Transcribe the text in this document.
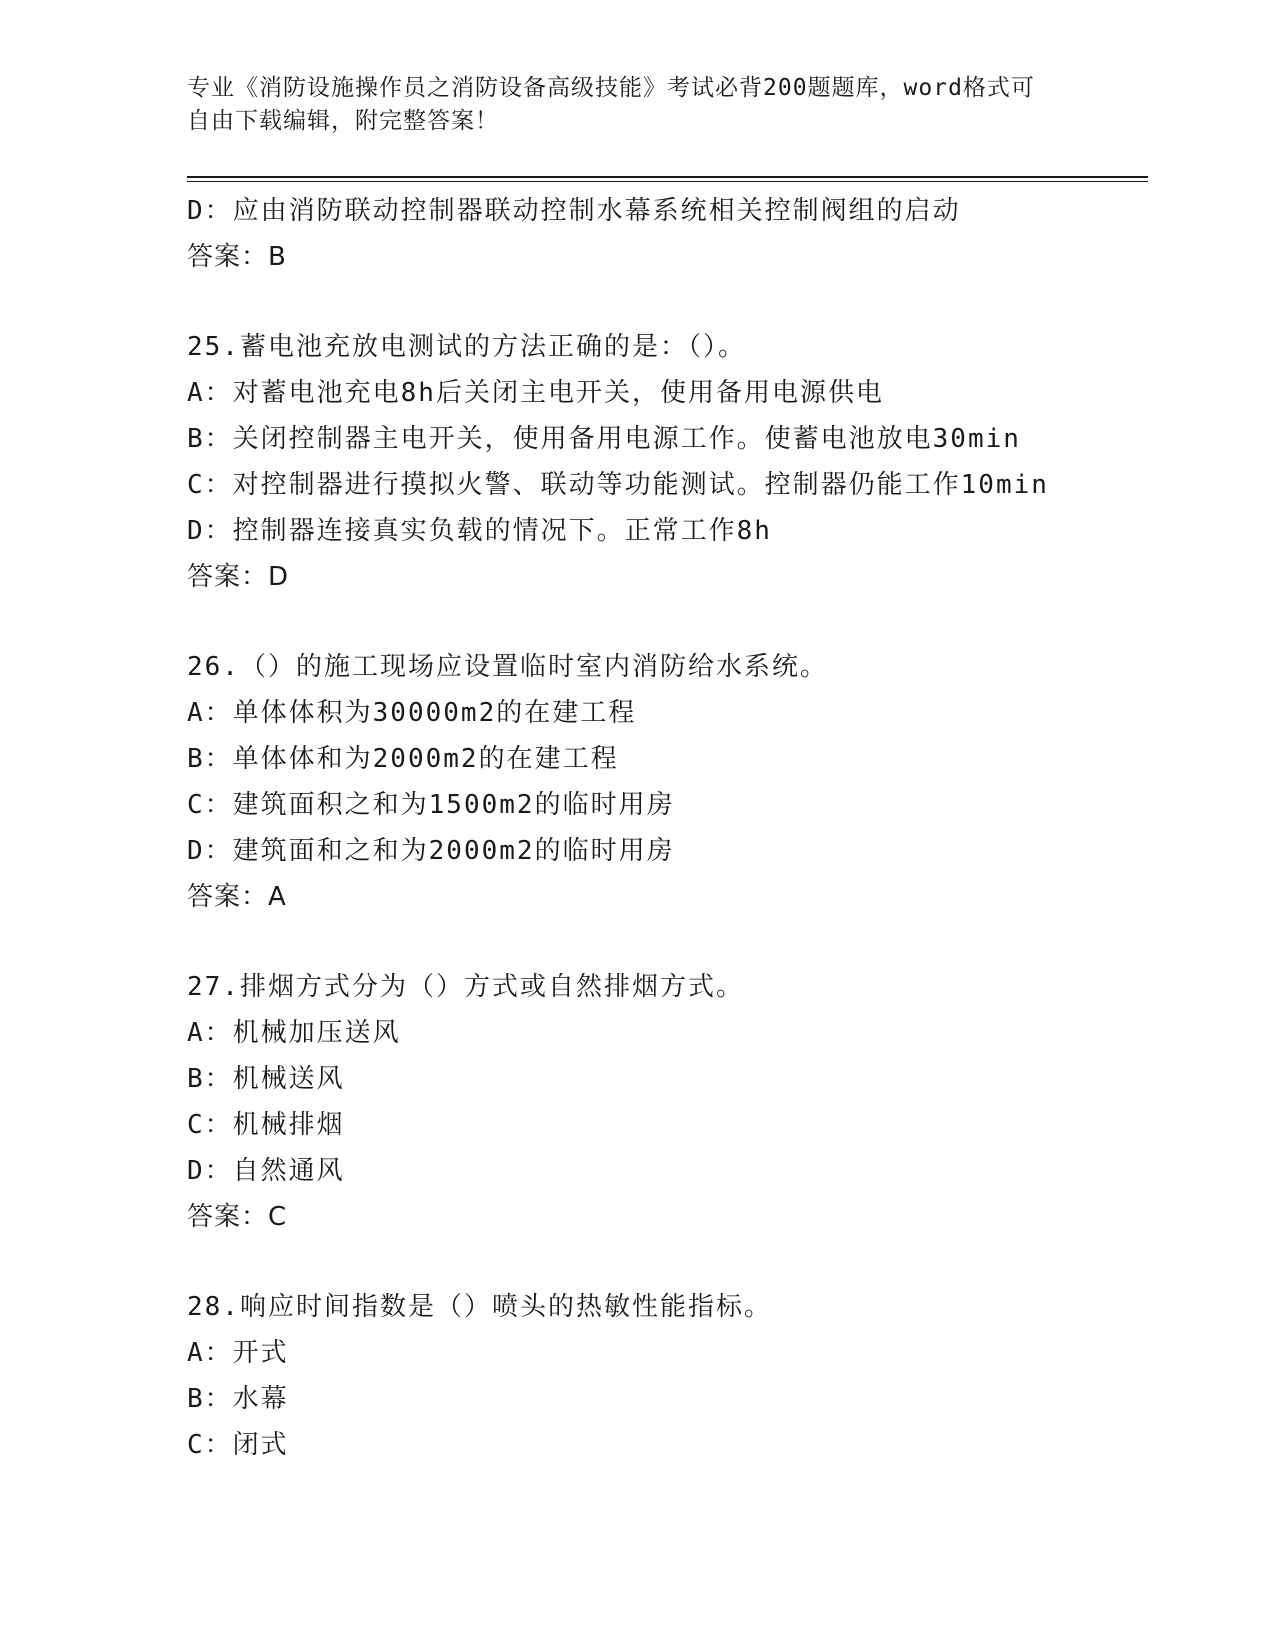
专业《消防设施操作员之消防设备高级技能》考试必背200题题库，word格式可
自由下载编辑，附完整答案！
D：应由消防联动控制器联动控制水幕系统相关控制阀组的启动
答案：B
25.蓄电池充放电测试的方法正确的是：（）。
A：对蓄电池充电8h后关闭主电开关，使用备用电源供电
B：关闭控制器主电开关，使用备用电源工作。使蓄电池放电30min
C：对控制器进行摸拟火警、联动等功能测试。控制器仍能工作10min
D：控制器连接真实负载的情况下。正常工作8h
答案：D
26.（）的施工现场应设置临时室内消防给水系统。
A：单体体积为30000m2的在建工程
B：单体体和为2000m2的在建工程
C：建筑面积之和为1500m2的临时用房
D：建筑面和之和为2000m2的临时用房
答案：A
27.排烟方式分为（）方式或自然排烟方式。
A：机械加压送风
B：机械送风
C：机械排烟
D：自然通风
答案：C
28.响应时间指数是（）喷头的热敏性能指标。
A：开式
B：水幕
C：闭式
